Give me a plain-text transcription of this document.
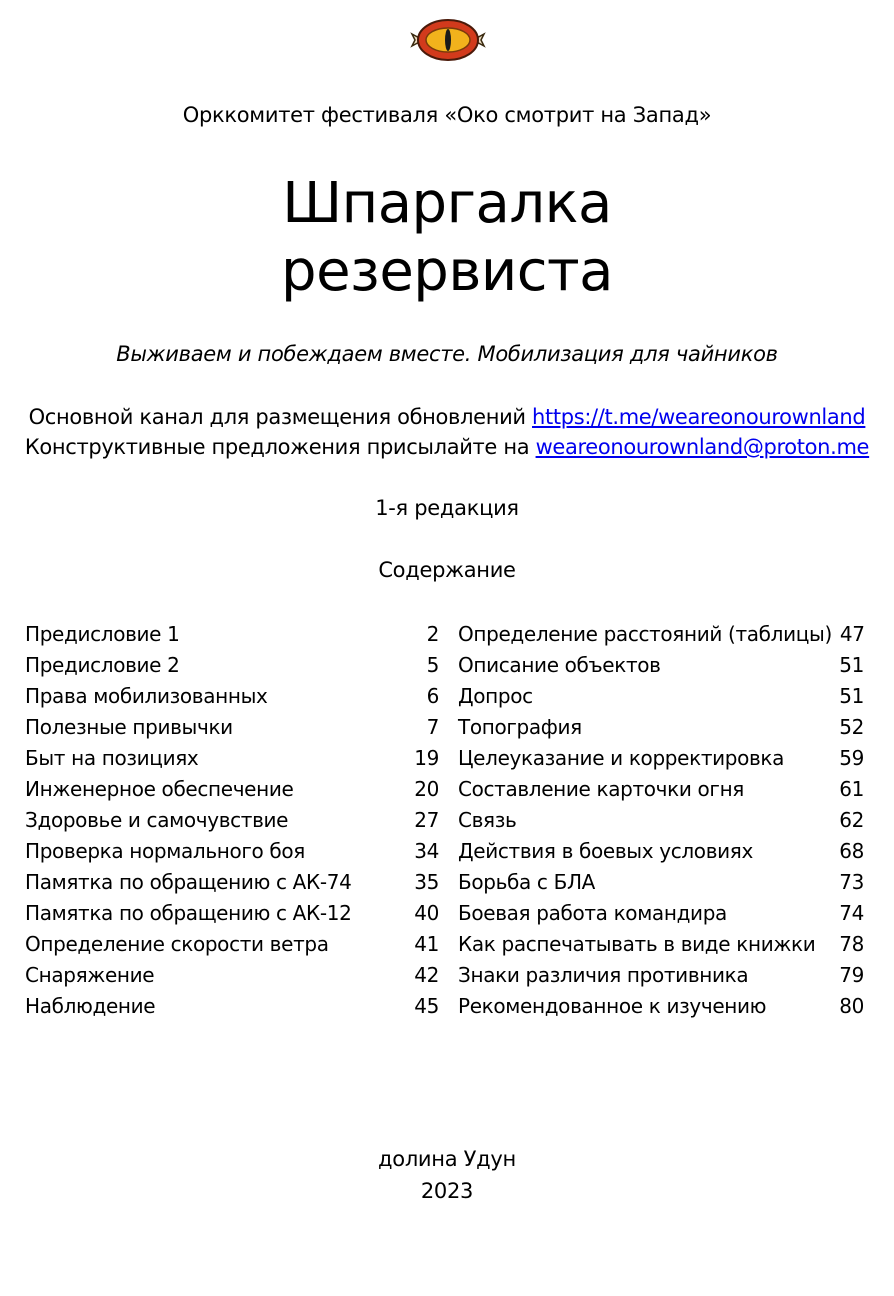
Орккомитет фестиваля «Око смотрит на Запад»
Шпаргалка
резервиста
Выживаем и побеждаем вместе. Мобилизация для чайников
Основной канал для размещения обновлений https://t.me/weareonourownland
Конструктивные предложения присылайте на weareonourownland@proton.me
1-я редакция
Содержание
Предисловие 1	2
Предисловие 2	5
Права мобилизованных	6
Полезные привычки	7
Быт на позициях	19
Инженерное обеспечение	20
Здоровье и самочувствие	27
Проверка нормального боя	34
Памятка по обращению с АК-74	35
Памятка по обращению с АК-12	40
Определение скорости ветра	41
Снаряжение	42
Наблюдение	45
Определение расстояний (таблицы) 47
Описание объектов	51
Допрос	51
Топография	52
Целеуказание и корректировка	59
Составление карточки огня	61
Связь	62
Действия в боевых условиях	68
Борьба с БЛА	73
Боевая работа командира	74
Как распечатывать в виде книжки	78
Знаки различия противника	79
Рекомендованное к изучению	80
долина Удун
2023
